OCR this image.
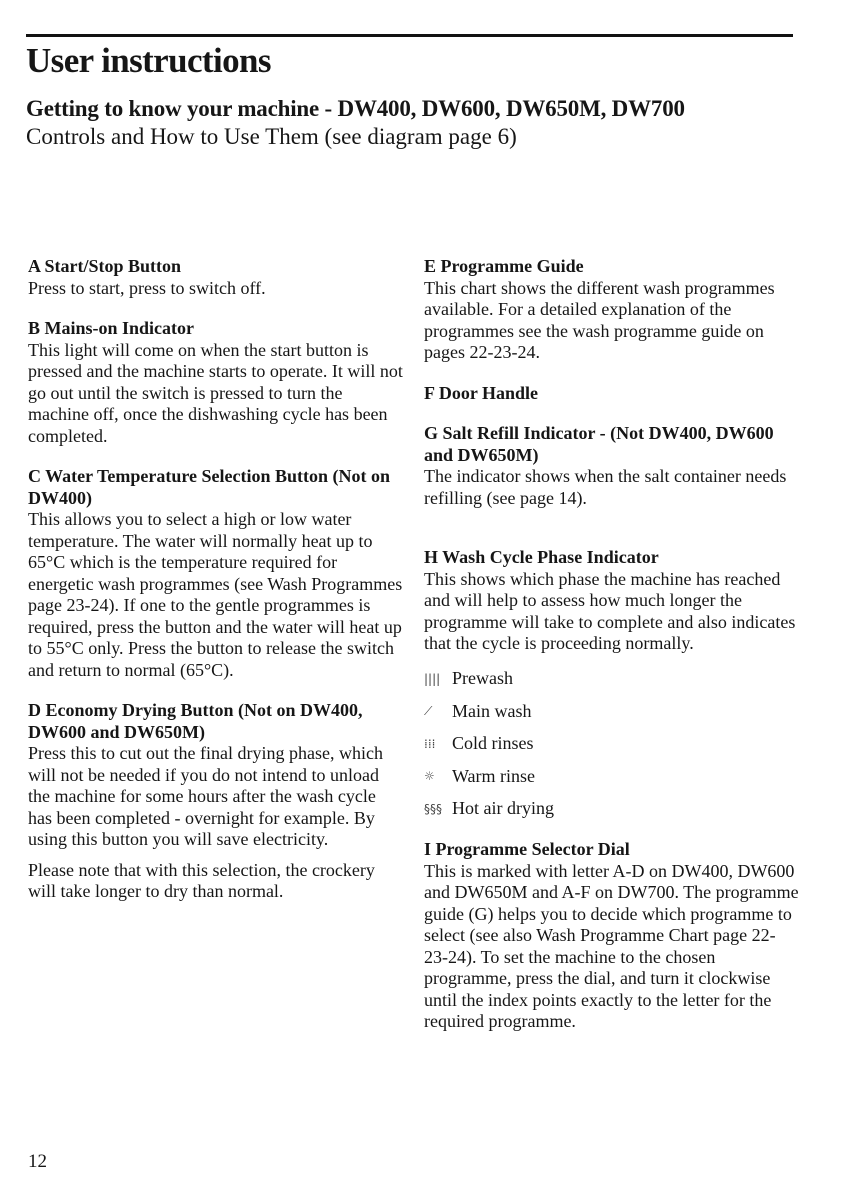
User instructions

Getting to know your machine - DW400, DW600, DW650M, DW700

Controls and How to Use Them (see diagram page 6)

A Start/Stop Button

Press to start, press to switch off.

B Mains-on Indicator

This light will come on when the start button is pressed and the machine starts to operate. It will not go out until the switch is pressed to turn the machine off, once the dishwashing cycle has been completed.

C Water Temperature Selection Button (Not on DW400)

This allows you to select a high or low water temperature. The water will normally heat up to 65°C which is the temperature required for energetic wash programmes (see Wash Programmes page 23-24). If one to the gentle programmes is required, press the button and the water will heat up to 55°C only. Press the button to release the switch and return to normal (65°C).

D Economy Drying Button (Not on DW400, DW600 and DW650M)

Press this to cut out the final drying phase, which will not be needed if you do not intend to unload the machine for some hours after the wash cycle has been completed - overnight for example. By using this button you will save electricity.

Please note that with this selection, the crockery will take longer to dry than normal.

E Programme Guide

This chart shows the different wash programmes available. For a detailed explanation of the programmes see the wash programme guide on pages 22-23-24.

F Door Handle

G Salt Refill Indicator - (Not DW400, DW600 and DW650M)

The indicator shows when the salt container needs refilling (see page 14).

H Wash Cycle Phase Indicator

This shows which phase the machine has reached and will help to assess how much longer the programme will take to complete and also indicates that the cycle is proceeding normally.

|||| Prewash
⟋	Main wash
⁞⁞⁞ Cold rinses
☼ Warm rinse
§§§ Hot air drying

I Programme Selector Dial

This is marked with letter A-D on DW400, DW600 and DW650M and A-F on DW700. The programme guide (G) helps you to decide which programme to select (see also Wash Programme Chart page 22-23-24). To set the machine to the chosen programme, press the dial, and turn it clockwise until the index points exactly to the letter for the required programme.

12
